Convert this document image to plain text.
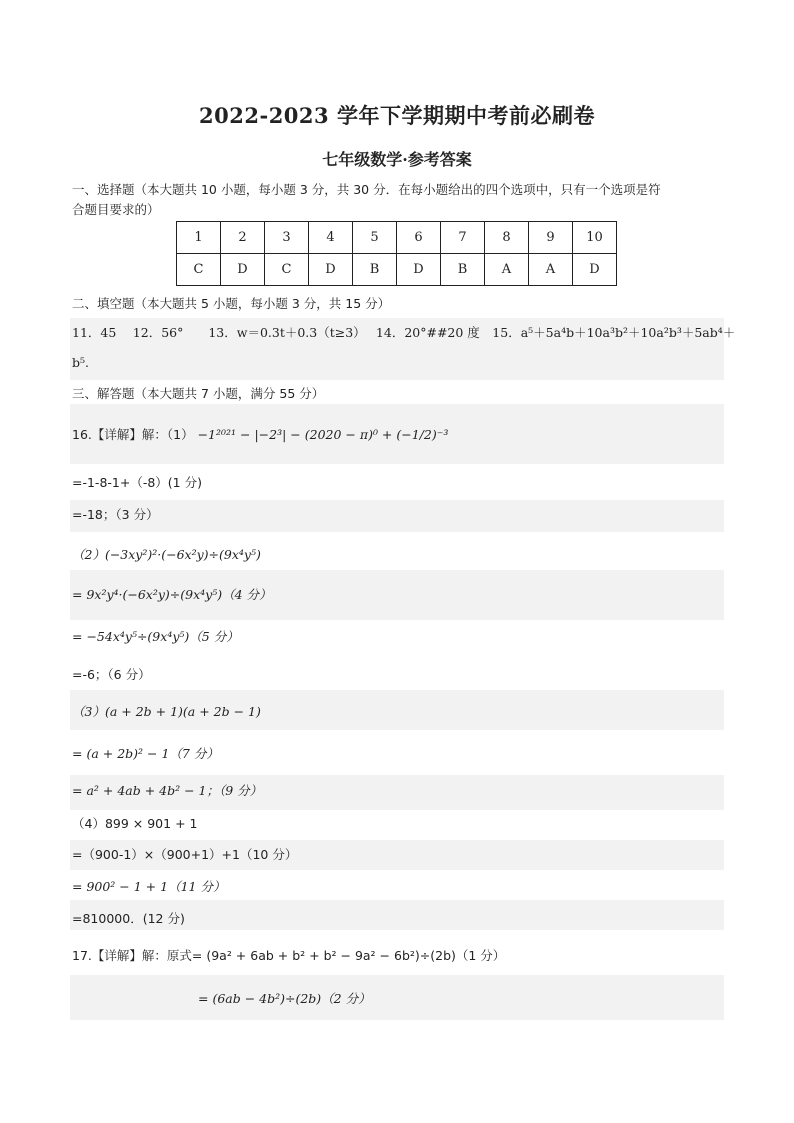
2022-2023 学年下学期期中考前必刷卷
七年级数学·参考答案
一、选择题（本大题共 10 小题，每小题 3 分，共 30 分．在每小题给出的四个选项中，只有一个选项是符
合题目要求的）
1	2	3	4	5	6	7	8	9	10
C	D	C	D	B	D	B	A	A	D
二、填空题（本大题共 5 小题，每小题 3 分，共 15 分）
11．45　 12．56°　　13．w＝0.3t＋0.3（t≥3）　 14．20°##20 度　15．a⁵＋5a⁴b＋10a³b²＋10a²b³＋5ab⁴＋
b⁵.
三、解答题（本大题共 7 小题，满分 55 分）
16.【详解】解：（1） −1²⁰²¹ − |−2³| − (2020 − π)⁰ + (−1/2)⁻³
=-1-8-1+（-8）(1 分)
=-18；（3 分）
（2）(−3xy²)²·(−6x²y)÷(9x⁴y⁵)
= 9x²y⁴·(−6x²y)÷(9x⁴y⁵)（4 分）
= −54x⁴y⁵÷(9x⁴y⁵)（5 分）
=-6；（6 分）
（3）(a + 2b + 1)(a + 2b − 1)
= (a + 2b)² − 1（7 分）
= a² + 4ab + 4b² − 1；（9 分）
（4）899 × 901 + 1
=（900-1）×（900+1）+1（10 分）
= 900² − 1 + 1（11 分）
=810000．(12 分)
17.【详解】解：原式= (9a² + 6ab + b² + b² − 9a² − 6b²)÷(2b)（1 分）
= (6ab − 4b²)÷(2b)（2 分）
